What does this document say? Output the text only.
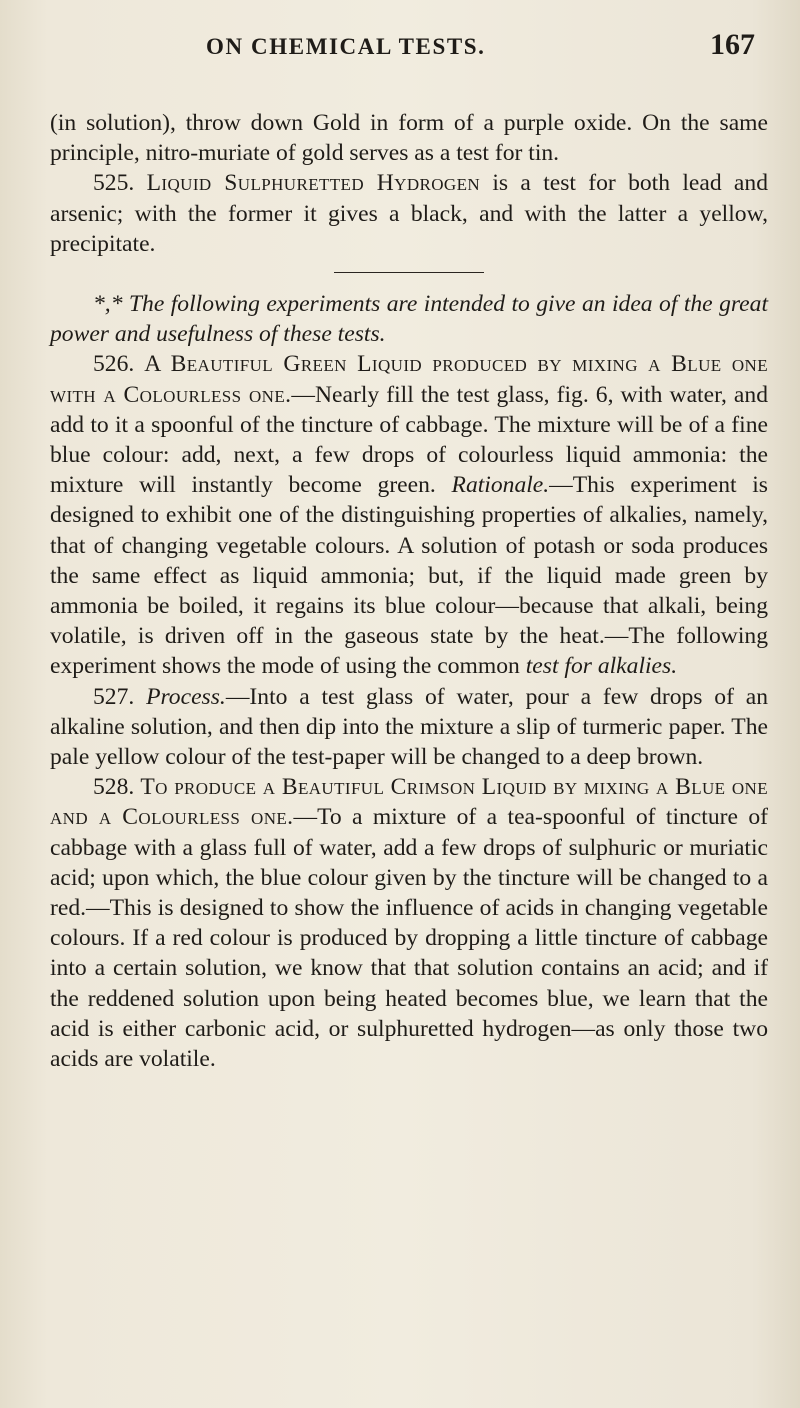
ON CHEMICAL TESTS.	167

(in solution), throw down Gold in form of a purple oxide. On the same principle, nitro-muriate of gold serves as a test for tin.

525. Liquid Sulphuretted Hydrogen is a test for both lead and arsenic; with the former it gives a black, and with the latter a yellow, precipitate.

*,* The following experiments are intended to give an idea of the great power and usefulness of these tests.

526. A Beautiful Green Liquid produced by mixing a Blue one with a Colourless one.—Nearly fill the test glass, fig. 6, with water, and add to it a spoonful of the tincture of cabbage. The mixture will be of a fine blue colour: add, next, a few drops of colourless liquid ammonia: the mixture will instantly become green. Rationale.—This experiment is designed to exhibit one of the distinguishing properties of alkalies, namely, that of changing vegetable colours. A solution of potash or soda produces the same effect as liquid ammonia; but, if the liquid made green by ammonia be boiled, it regains its blue colour—because that alkali, being volatile, is driven off in the gaseous state by the heat.—The following experiment shows the mode of using the common test for alkalies.

527. Process.—Into a test glass of water, pour a few drops of an alkaline solution, and then dip into the mixture a slip of turmeric paper. The pale yellow colour of the test-paper will be changed to a deep brown.

528. To produce a Beautiful Crimson Liquid by mixing a Blue one and a Colourless one.—To a mixture of a tea-spoonful of tincture of cabbage with a glass full of water, add a few drops of sulphuric or muriatic acid; upon which, the blue colour given by the tincture will be changed to a red.—This is designed to show the influence of acids in changing vegetable colours. If a red colour is produced by dropping a little tincture of cabbage into a certain solution, we know that that solution contains an acid; and if the reddened solution upon being heated becomes blue, we learn that the acid is either carbonic acid, or sulphuretted hydrogen—as only those two acids are volatile.
